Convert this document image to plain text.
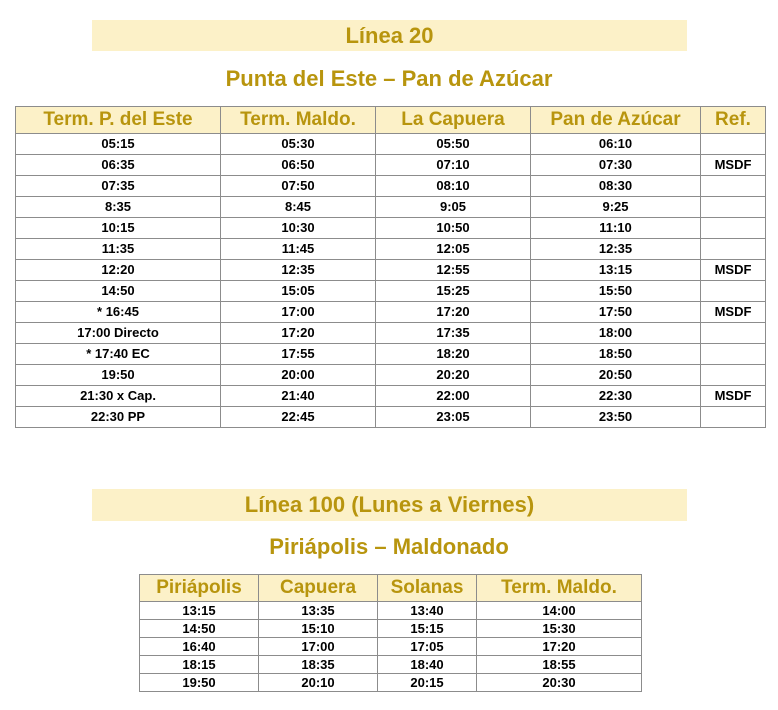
Línea 20
Punta del Este – Pan de Azúcar
Term. P. del Este	Term. Maldo.	La Capuera	Pan de Azúcar	Ref.
05:15	05:30	05:50	06:10	
06:35	06:50	07:10	07:30	MSDF
07:35	07:50	08:10	08:30	
8:35	8:45	9:05	9:25	
10:15	10:30	10:50	11:10	
11:35	11:45	12:05	12:35	
12:20	12:35	12:55	13:15	MSDF
14:50	15:05	15:25	15:50	
* 16:45	17:00	17:20	17:50	MSDF
17:00 Directo	17:20	17:35	18:00	
* 17:40 EC	17:55	18:20	18:50	
19:50	20:00	20:20	20:50	
21:30 x Cap.	21:40	22:00	22:30	MSDF
22:30 PP	22:45	23:05	23:50	
Línea 100 (Lunes a Viernes)
Piriápolis – Maldonado
Piriápolis	Capuera	Solanas	Term. Maldo.
13:15	13:35	13:40	14:00
14:50	15:10	15:15	15:30
16:40	17:00	17:05	17:20
18:15	18:35	18:40	18:55
19:50	20:10	20:15	20:30
